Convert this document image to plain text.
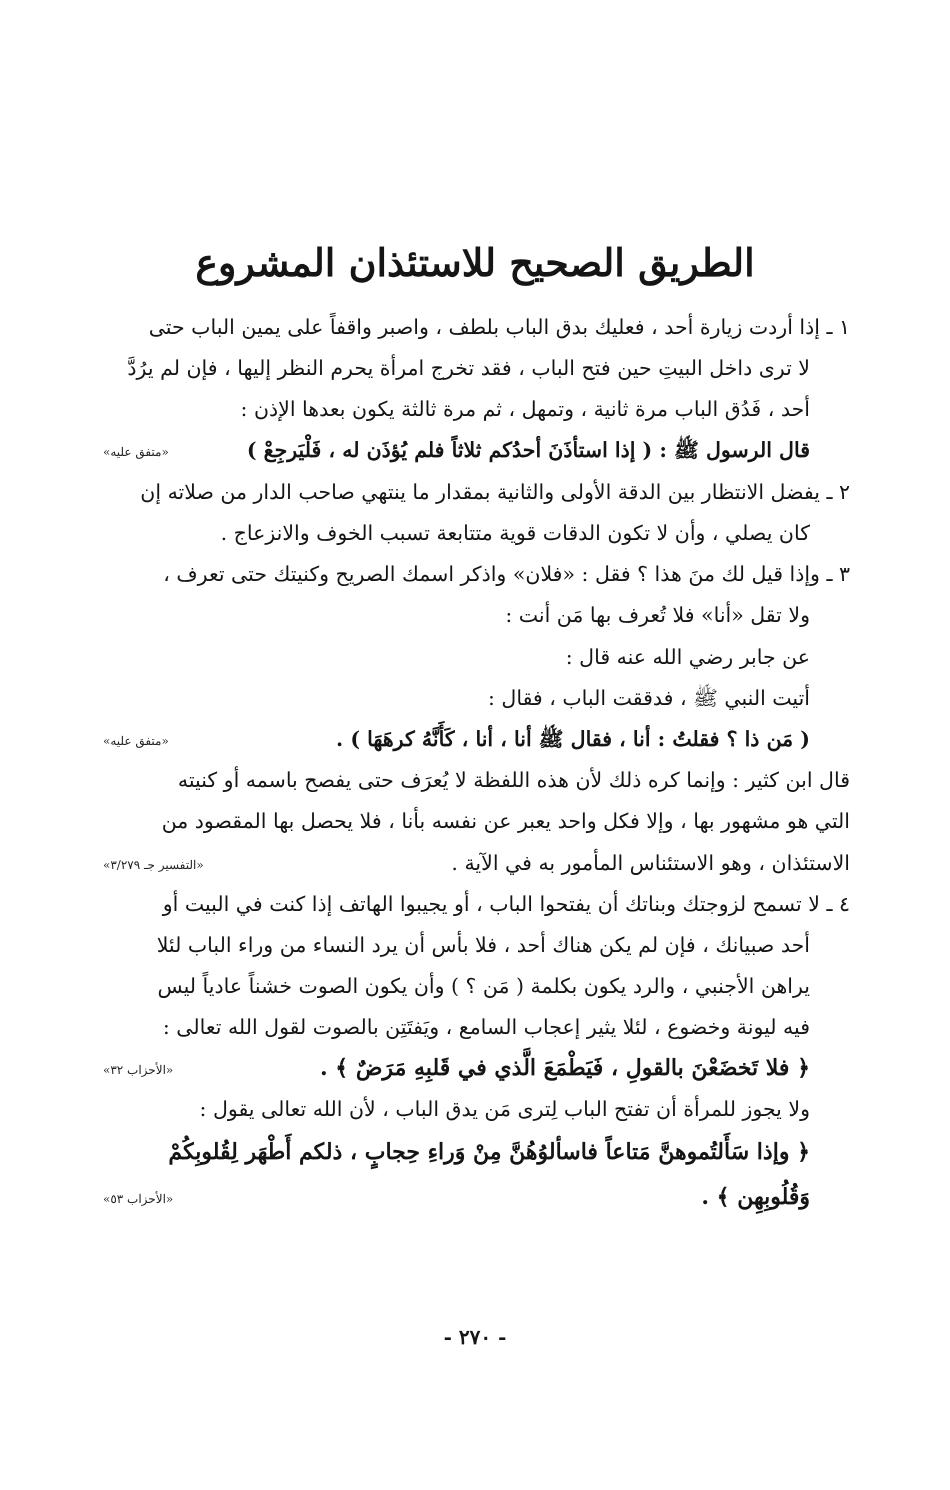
الطريق الصحيح للاستئذان المشروع
١ ـ إذا أردت زيارة أحد ، فعليك بدق الباب بلطف ، واصبر واقفاً على يمين الباب حتى
لا ترى داخل البيتِ حين فتح الباب ، فقد تخرج امرأة يحرم النظر إليها ، فإن لم يرُدَّ
أحد ، فَدُق الباب مرة ثانية ، وتمهل ، ثم مرة ثالثة يكون بعدها الإذن :
قال الرسول ﷺ : ( إذا استأذَنَ أحدُكم ثلاثاً فلم يُؤذَن له ، فَلْيَرجِعْ )
«متفق عليه»
٢ ـ يفضل الانتظار بين الدقة الأولى والثانية بمقدار ما ينتهي صاحب الدار من صلاته إن
كان يصلي ، وأن لا تكون الدقات قوية متتابعة تسبب الخوف والانزعاج .
٣ ـ وإذا قيل لك منَ هذا ؟ فقل : «فلان» واذكر اسمك الصريح وكنيتك حتى تعرف ،
ولا تقل «أنا» فلا تُعرف بها مَن أنت :
عن جابر رضي الله عنه قال :
أتيت النبي ﷺ ، فدققت الباب ، فقال :
( مَن ذا ؟ فقلتُ : أنا ، فقال ﷺ أنا ، أنا ، كَأَنَّهُ كرهَهَا ) .
«متفق عليه»
قال ابن كثير : وإنما كره ذلك لأن هذه اللفظة لا يُعرَف حتى يفصح باسمه أو كنيته
التي هو مشهور بها ، وإلا فكل واحد يعبر عن نفسه بأنا ، فلا يحصل بها المقصود من
الاستئذان ، وهو الاستئناس المأمور به في الآية .
«التفسير جـ ٣/٢٧٩»
٤ ـ لا تسمح لزوجتك وبناتك أن يفتحوا الباب ، أو يجيبوا الهاتف إذا كنت في البيت أو
أحد صبيانك ، فإن لم يكن هناك أحد ، فلا بأس أن يرد النساء من وراء الباب لئلا
يراهن الأجنبي ، والرد يكون بكلمة ( مَن ؟ ) وأن يكون الصوت خشناً عادياً ليس
فيه ليونة وخضوع ، لئلا يثير إعجاب السامع ، ويَفتَتِن بالصوت لقول الله تعالى :
﴿ فلا تَخضَعْنَ بالقولِ ، فَيَطْمَعَ الَّذي في قَلبِهِ مَرَضٌ ﴾ .
«الأحزاب ٣٢»
ولا يجوز للمرأة أن تفتح الباب لِترى مَن يدق الباب ، لأن الله تعالى يقول :
﴿ وإذا سَأَلتُموهنَّ مَتاعاً فاسألوُهُنَّ مِنْ وَراءِ حِجابٍ ، ذلكم أَطْهَر لِقُلوبِكُمْ
وَقُلُوبِهِن ﴾ .
«الأحزاب ٥٣»
- ٢٧٠ -
